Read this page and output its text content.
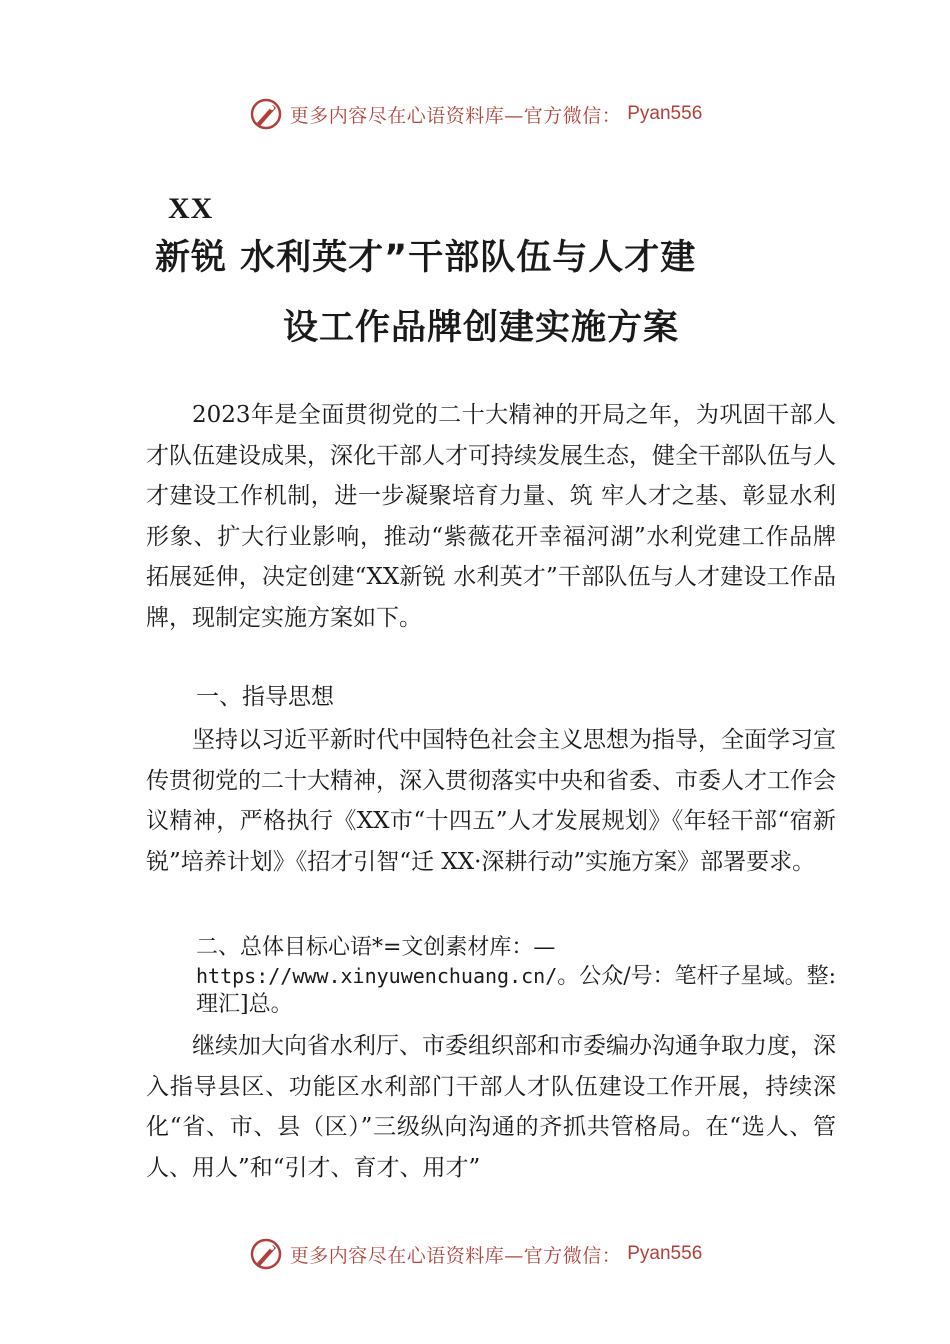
更多内容尽在心语资料库—官方微信： Pyan556
XX
新锐 水利英才”干部队伍与人才建
设工作品牌创建实施方案

2023年是全面贯彻党的二十大精神的开局之年，为巩固干部人才队伍建设成果，深化干部人才可持续发展生态，健全干部队伍与人才建设工作机制，进一步凝聚培育力量、筑 牢人才之基、彰显水利形象、扩大行业影响，推动“紫薇花开幸福河湖”水利党建工作品牌拓展延伸，决定创建“XX新锐 水利英才”干部队伍与人才建设工作品牌，现制定实施方案如下。

一、指导思想

坚持以习近平新时代中国特色社会主义思想为指导，全面学习宣传贯彻党的二十大精神，深入贯彻落实中央和省委、市委人才工作会议精神，严格执行《XX市“十四五”人才发展规划》《年轻干部“宿新锐”培养计划》《招才引智“迁 XX·深耕行动”实施方案》部署要求。

二、总体目标心语*=文创素材库：—https://www.xinyuwenchuang.cn/。公众/号：笔杆子星域。整:理汇]总。

继续加大向省水利厅、市委组织部和市委编办沟通争取力度，深入指导县区、功能区水利部门干部人才队伍建设工作开展，持续深化“省、市、县（区）”三级纵向沟通的齐抓共管格局。在“选人、管人、用人”和“引才、育才、用才”

更多内容尽在心语资料库—官方微信： Pyan556
